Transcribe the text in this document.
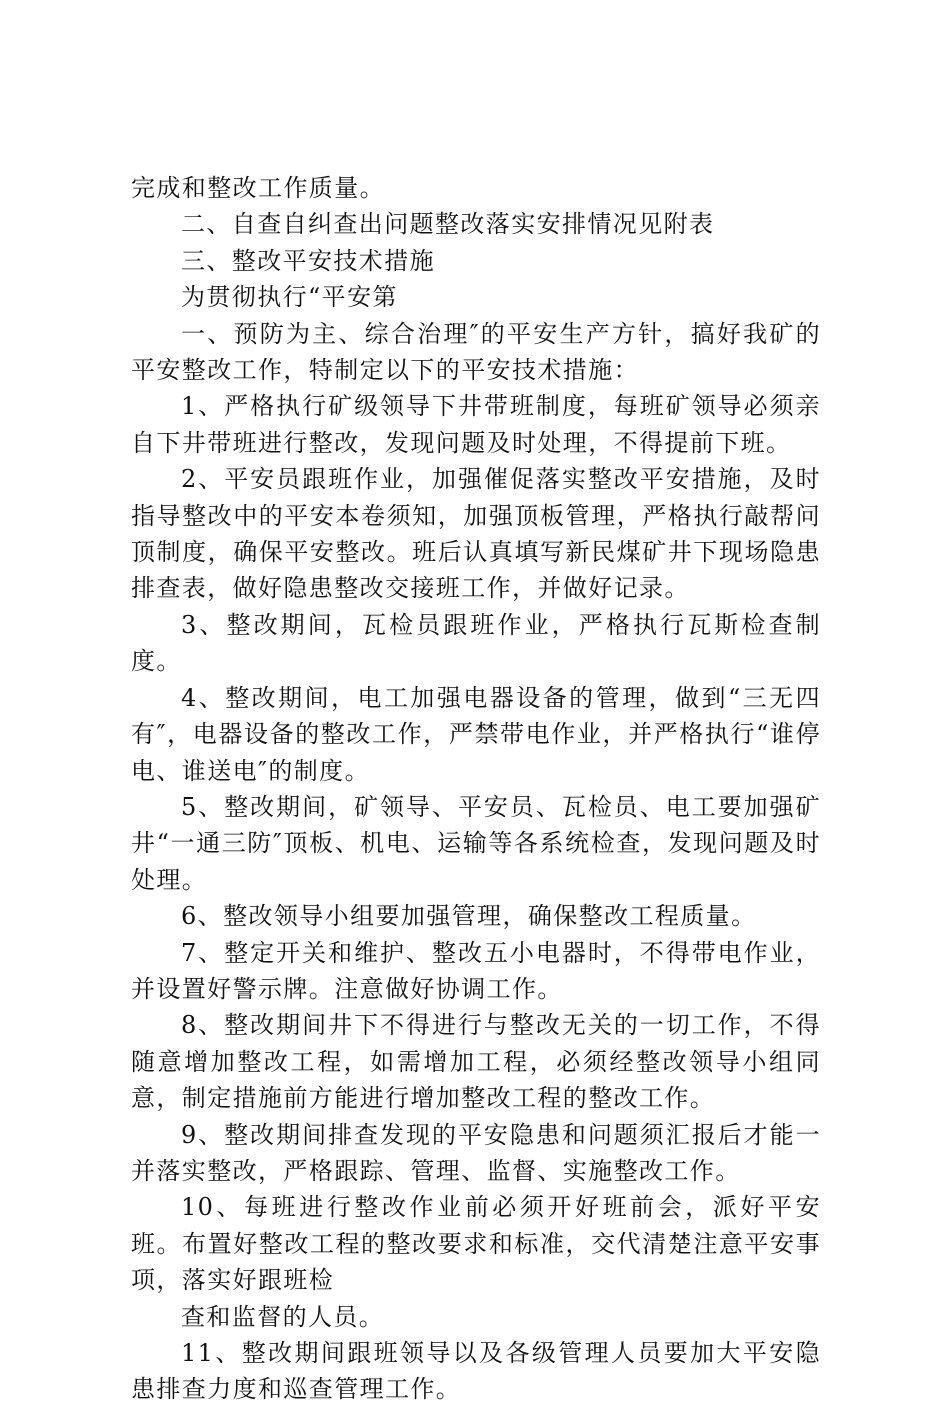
完成和整改工作质量。

二、自查自纠查出问题整改落实安排情况见附表

三、整改平安技术措施

为贯彻执行“平安第

一、预防为主、综合治理″的平安生产方针，搞好我矿的平安整改工作，特制定以下的平安技术措施：

1、严格执行矿级领导下井带班制度，每班矿领导必须亲自下井带班进行整改，发现问题及时处理，不得提前下班。

2、平安员跟班作业，加强催促落实整改平安措施，及时指导整改中的平安本卷须知，加强顶板管理，严格执行敲帮问顶制度，确保平安整改。班后认真填写新民煤矿井下现场隐患排查表，做好隐患整改交接班工作，并做好记录。

3、整改期间，瓦检员跟班作业，严格执行瓦斯检查制度。

4、整改期间，电工加强电器设备的管理，做到“三无四有″，电器设备的整改工作，严禁带电作业，并严格执行“谁停电、谁送电″的制度。

5、整改期间，矿领导、平安员、瓦检员、电工要加强矿井“一通三防″顶板、机电、运输等各系统检查，发现问题及时处理。

6、整改领导小组要加强管理，确保整改工程质量。

7、整定开关和维护、整改五小电器时，不得带电作业，并设置好警示牌。注意做好协调工作。

8、整改期间井下不得进行与整改无关的一切工作，不得随意增加整改工程，如需增加工程，必须经整改领导小组同意，制定措施前方能进行增加整改工程的整改工作。

9、整改期间排查发现的平安隐患和问题须汇报后才能一并落实整改，严格跟踪、管理、监督、实施整改工作。

10、每班进行整改作业前必须开好班前会，派好平安班。布置好整改工程的整改要求和标准，交代清楚注意平安事项，落实好跟班检

查和监督的人员。

11、整改期间跟班领导以及各级管理人员要加大平安隐患排查力度和巡查管理工作。
